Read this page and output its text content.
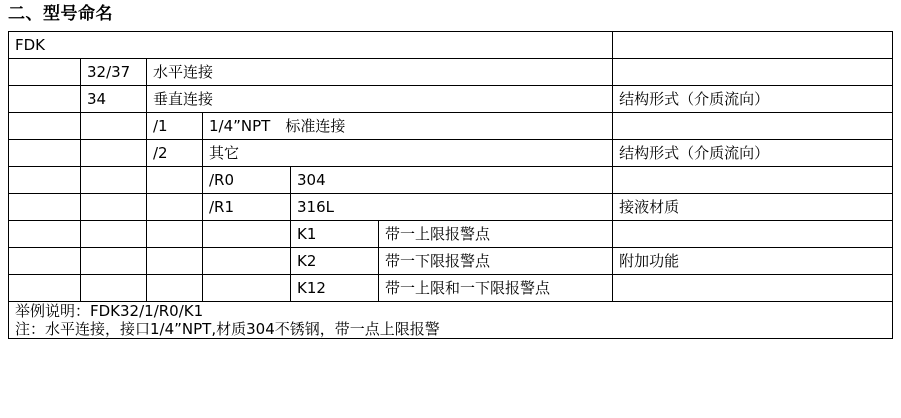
二、型号命名
FDK						
	32/37	水平连接				
	34	垂直连接				结构形式（介质流向）
		/1	1/4”NPT　标准连接			
		/2	其它			结构形式（介质流向）
			/R0	304		
			/R1	316L		接液材质
				K1	带一上限报警点	
				K2	带一下限报警点	附加功能
				K12	带一上限和一下限报警点	

举例说明：FDK32/1/R0/K1
注：水平连接，接口1/4”NPT,材质304不锈钢，带一点上限报警						
